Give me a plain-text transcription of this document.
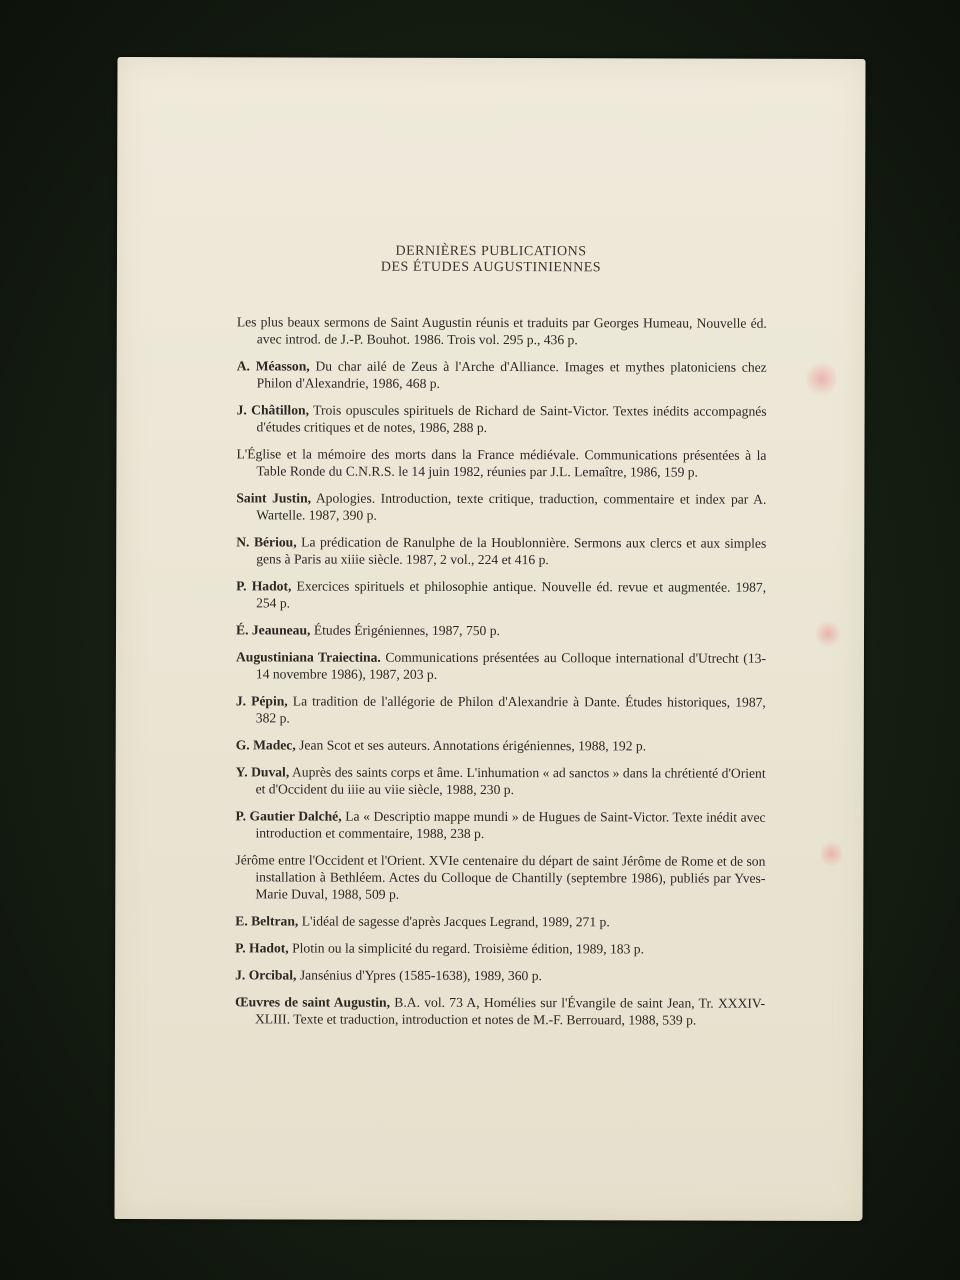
DERNIÈRES PUBLICATIONS
DES ÉTUDES AUGUSTINIENNES
Les plus beaux sermons de Saint Augustin réunis et traduits par Georges Humeau, Nouvelle éd. avec introd. de J.-P. Bouhot. 1986. Trois vol. 295 p., 436 p.
A. Méasson, Du char ailé de Zeus à l'Arche d'Alliance. Images et mythes platoniciens chez Philon d'Alexandrie, 1986, 468 p.
J. Châtillon, Trois opuscules spirituels de Richard de Saint-Victor. Textes inédits accompagnés d'études critiques et de notes, 1986, 288 p.
L'Église et la mémoire des morts dans la France médiévale. Communications présentées à la Table Ronde du C.N.R.S. le 14 juin 1982, réunies par J.L. Lemaître, 1986, 159 p.
Saint Justin, Apologies. Introduction, texte critique, traduction, commentaire et index par A. Wartelle. 1987, 390 p.
N. Bériou, La prédication de Ranulphe de la Houblonnière. Sermons aux clercs et aux simples gens à Paris au xiiie siècle. 1987, 2 vol., 224 et 416 p.
P. Hadot, Exercices spirituels et philosophie antique. Nouvelle éd. revue et augmentée. 1987, 254 p.
É. Jeauneau, Études Érigéniennes, 1987, 750 p.
Augustiniana Traiectina. Communications présentées au Colloque international d'Utrecht (13-14 novembre 1986), 1987, 203 p.
J. Pépin, La tradition de l'allégorie de Philon d'Alexandrie à Dante. Études historiques, 1987, 382 p.
G. Madec, Jean Scot et ses auteurs. Annotations érigéniennes, 1988, 192 p.
Y. Duval, Auprès des saints corps et âme. L'inhumation « ad sanctos » dans la chrétienté d'Orient et d'Occident du iiie au viie siècle, 1988, 230 p.
P. Gautier Dalché, La « Descriptio mappe mundi » de Hugues de Saint-Victor. Texte inédit avec introduction et commentaire, 1988, 238 p.
Jérôme entre l'Occident et l'Orient. XVIe centenaire du départ de saint Jérôme de Rome et de son installation à Bethléem. Actes du Colloque de Chantilly (septembre 1986), publiés par Yves-Marie Duval, 1988, 509 p.
E. Beltran, L'idéal de sagesse d'après Jacques Legrand, 1989, 271 p.
P. Hadot, Plotin ou la simplicité du regard. Troisième édition, 1989, 183 p.
J. Orcibal, Jansénius d'Ypres (1585-1638), 1989, 360 p.
Œuvres de saint Augustin, B.A. vol. 73 A, Homélies sur l'Évangile de saint Jean, Tr. XXXIV-XLIII. Texte et traduction, introduction et notes de M.-F. Berrouard, 1988, 539 p.
